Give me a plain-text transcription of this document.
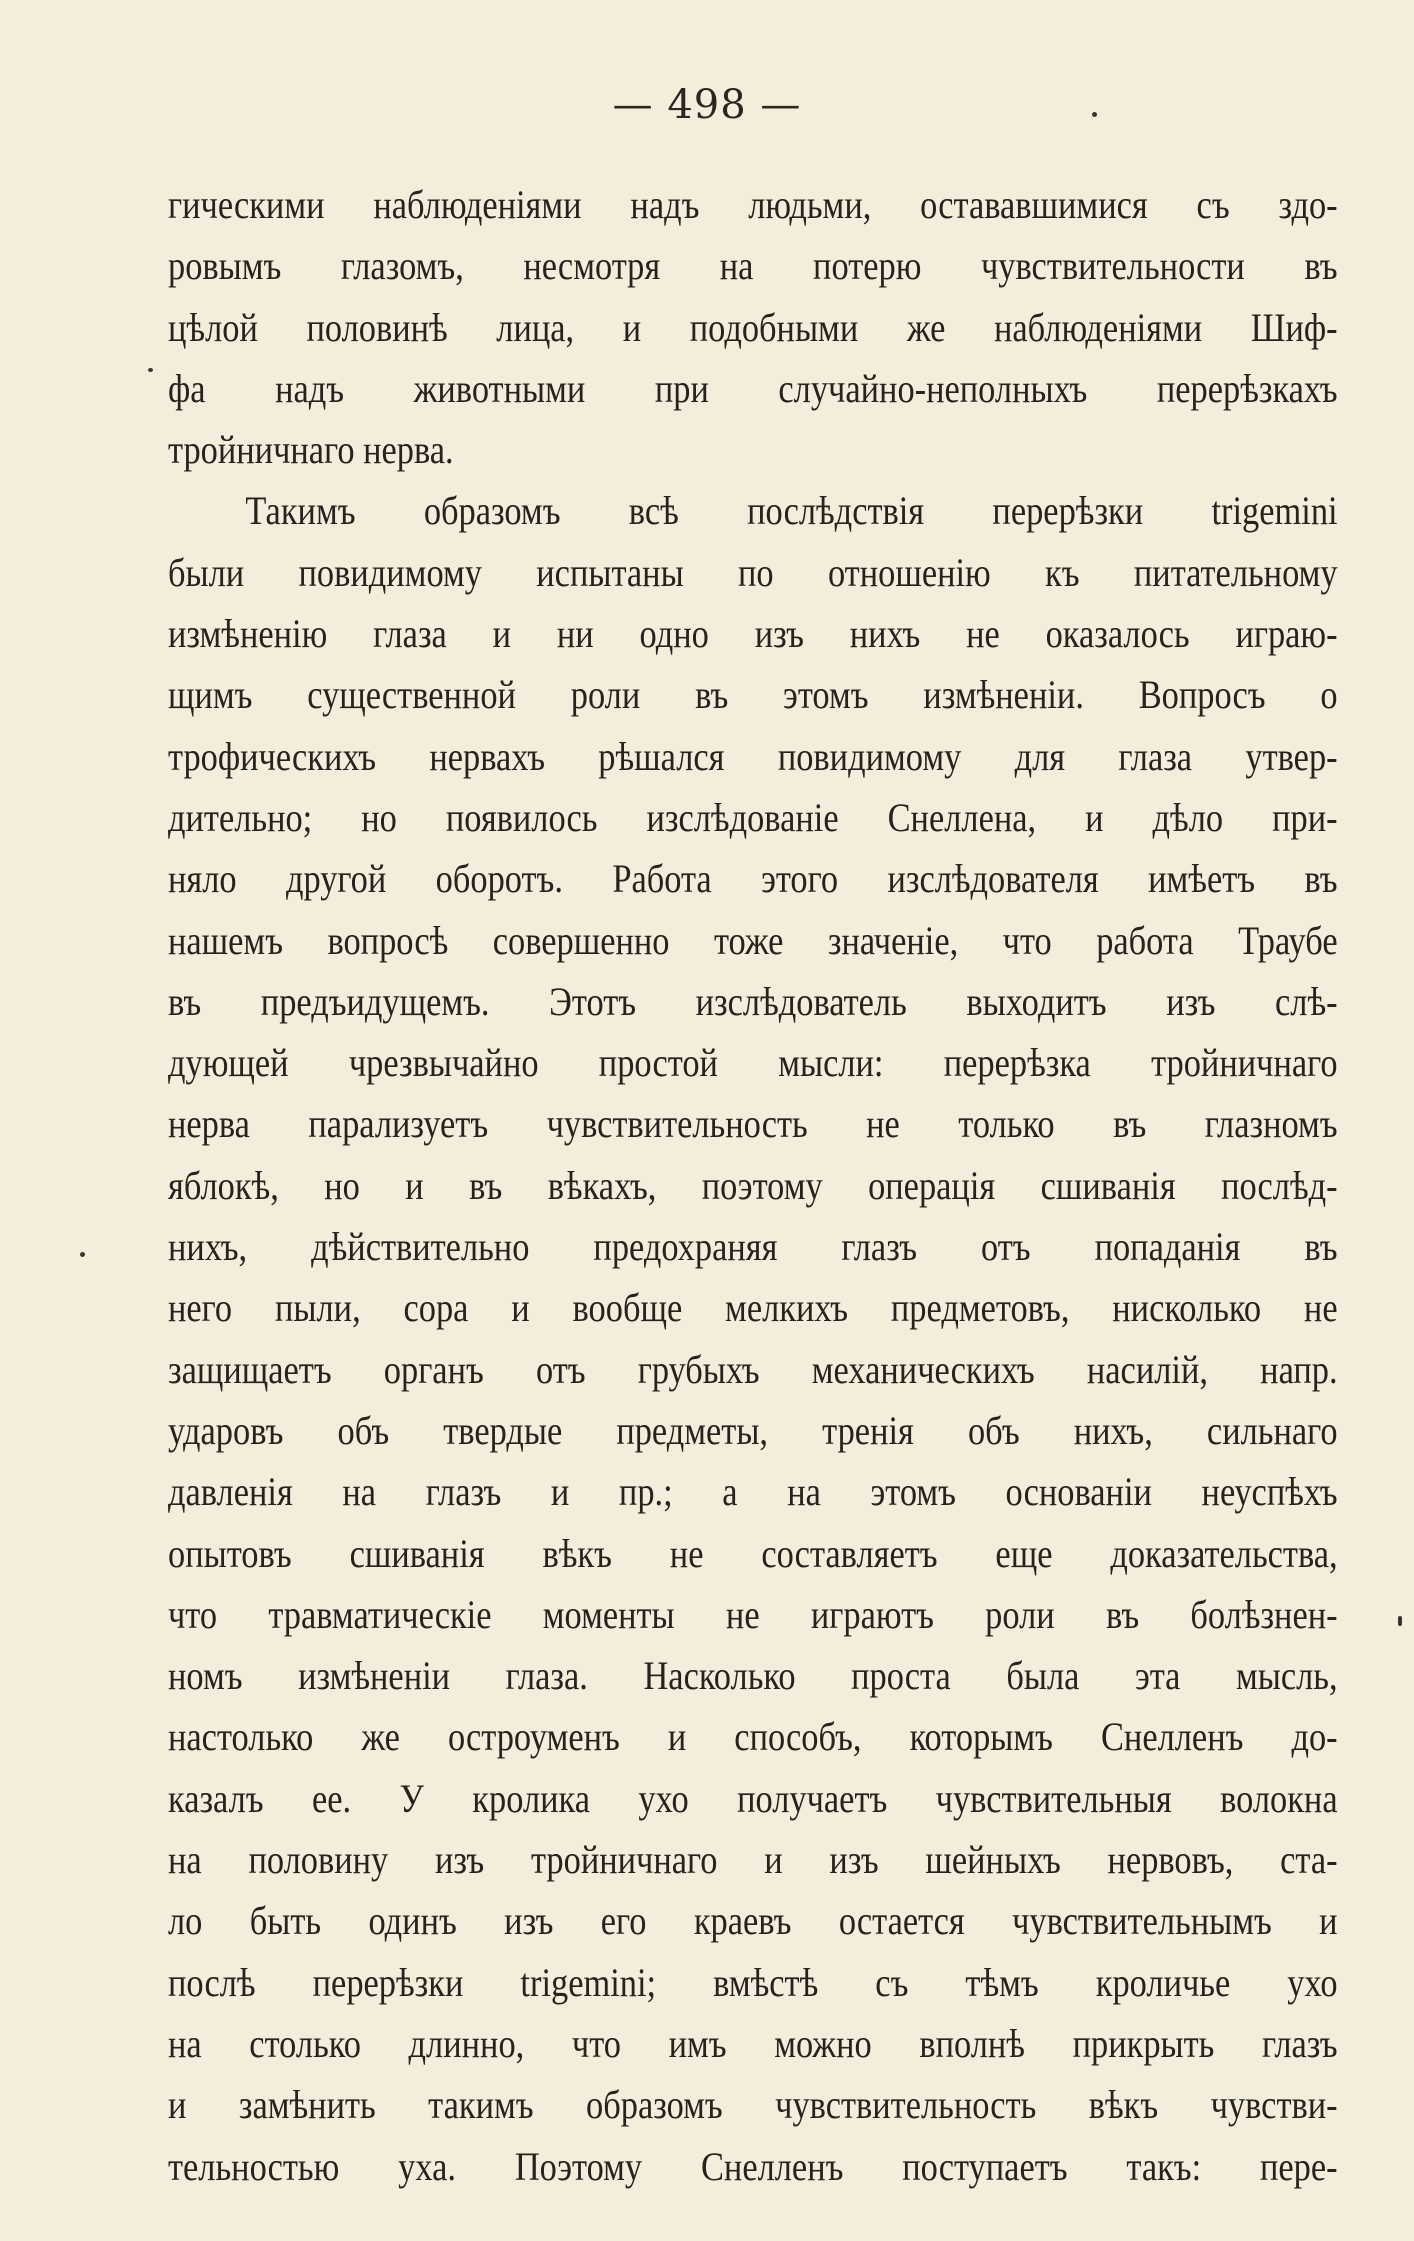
— 498 —
гическими наблюденіями надъ людьми, остававшимися съ здо-
ровымъ глазомъ, несмотря на потерю чувствительности въ
цѣлой половинѣ лица, и подобными же наблюденіями Шиф-
фа надъ животными при случайно-неполныхъ перерѣзкахъ
тройничнаго нерва.
Такимъ образомъ всѣ послѣдствія перерѣзки trigemini
были повидимому испытаны по отношенію къ питательному
измѣненію глаза и ни одно изъ нихъ не оказалось играю-
щимъ существенной роли въ этомъ измѣненіи. Вопросъ о
трофическихъ нервахъ рѣшался повидимому для глаза утвер-
дительно; но появилось изслѣдованіе Снеллена, и дѣло при-
няло другой оборотъ. Работа этого изслѣдователя имѣетъ въ
нашемъ вопросѣ совершенно тоже значеніе, что работа Траубе
въ предъидущемъ. Этотъ изслѣдователь выходитъ изъ слѣ-
дующей чрезвычайно простой мысли: перерѣзка тройничнаго
нерва парализуетъ чувствительность не только въ глазномъ
яблокѣ, но и въ вѣкахъ, поэтому операція сшиванія послѣд-
нихъ, дѣйствительно предохраняя глазъ отъ попаданія въ
него пыли, сора и вообще мелкихъ предметовъ, нисколько не
защищаетъ органъ отъ грубыхъ механическихъ насилій, напр.
ударовъ объ твердые предметы, тренія объ нихъ, сильнаго
давленія на глазъ и пр.; а на этомъ основаніи неуспѣхъ
опытовъ сшиванія вѣкъ не составляетъ еще доказательства,
что травматическіе моменты не играютъ роли въ болѣзнен-
номъ измѣненіи глаза. Насколько проста была эта мысль,
настолько же остроуменъ и способъ, которымъ Снелленъ до-
казалъ ее. У кролика ухо получаетъ чувствительныя волокна
на половину изъ тройничнаго и изъ шейныхъ нервовъ, ста-
ло быть одинъ изъ его краевъ остается чувствительнымъ и
послѣ перерѣзки trigemini; вмѣстѣ съ тѣмъ кроличье ухо
на столько длинно, что имъ можно вполнѣ прикрыть глазъ
и замѣнить такимъ образомъ чувствительность вѣкъ чувстви-
тельностью уха. Поэтому Снелленъ поступаетъ такъ: пере-
